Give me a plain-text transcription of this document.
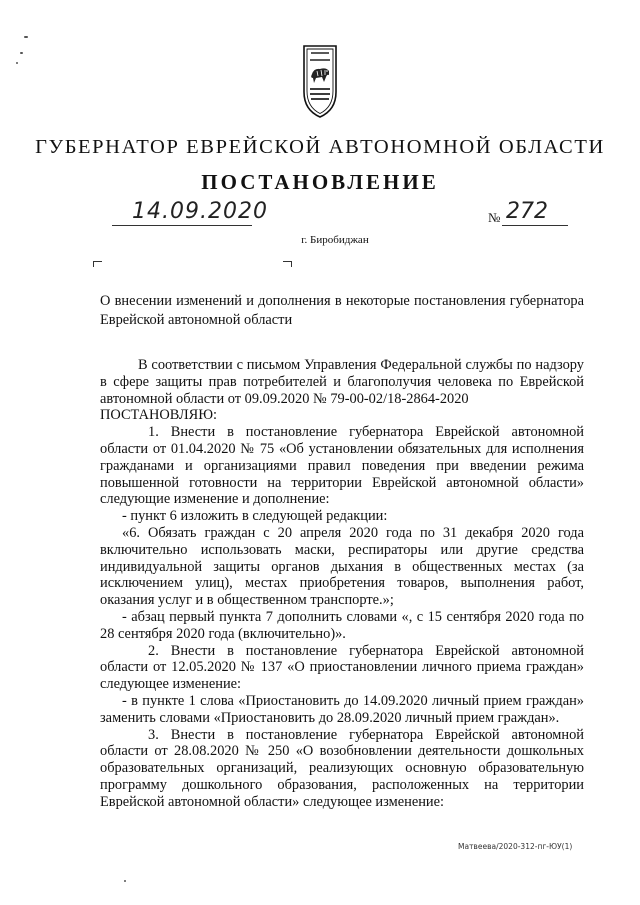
ГУБЕРНАТОР ЕВРЕЙСКОЙ АВТОНОМНОЙ ОБЛАСТИ
ПОСТАНОВЛЕНИЕ
14.09.2020	№ 272
г. Биробиджан

О внесении изменений и дополнения в некоторые постановления губернатора Еврейской автономной области

В соответствии с письмом Управления Федеральной службы по надзору в сфере защиты прав потребителей и благополучия человека по Еврейской автономной области от 09.09.2020 № 79-00-02/18-2864-2020

ПОСТАНОВЛЯЮ:

1. Внести в постановление губернатора Еврейской автономной области от 01.04.2020 № 75 «Об установлении обязательных для исполнения гражданами и организациями правил поведения при введении режима повышенной готовности на территории Еврейской автономной области» следующие изменение и дополнение:

- пункт 6 изложить в следующей редакции:

«6. Обязать граждан с 20 апреля 2020 года по 31 декабря 2020 года включительно использовать маски, респираторы или другие средства индивидуальной защиты органов дыхания в общественных местах (за исключением улиц), местах приобретения товаров, выполнения работ, оказания услуг и в общественном транспорте.»;

- абзац первый пункта 7 дополнить словами «, с 15 сентября 2020 года по 28 сентября 2020 года (включительно)».

2. Внести в постановление губернатора Еврейской автономной области от 12.05.2020 № 137 «О приостановлении личного приема граждан» следующее изменение:

- в пункте 1 слова «Приостановить до 14.09.2020 личный прием граждан» заменить словами «Приостановить до 28.09.2020 личный прием граждан».

3. Внести в постановление губернатора Еврейской автономной области от 28.08.2020 № 250 «О возобновлении деятельности дошкольных образовательных организаций, реализующих основную образовательную программу дошкольного образования, расположенных на территории Еврейской автономной области» следующее изменение:

Матвеева/2020-312-пг-ЮУ(1)
